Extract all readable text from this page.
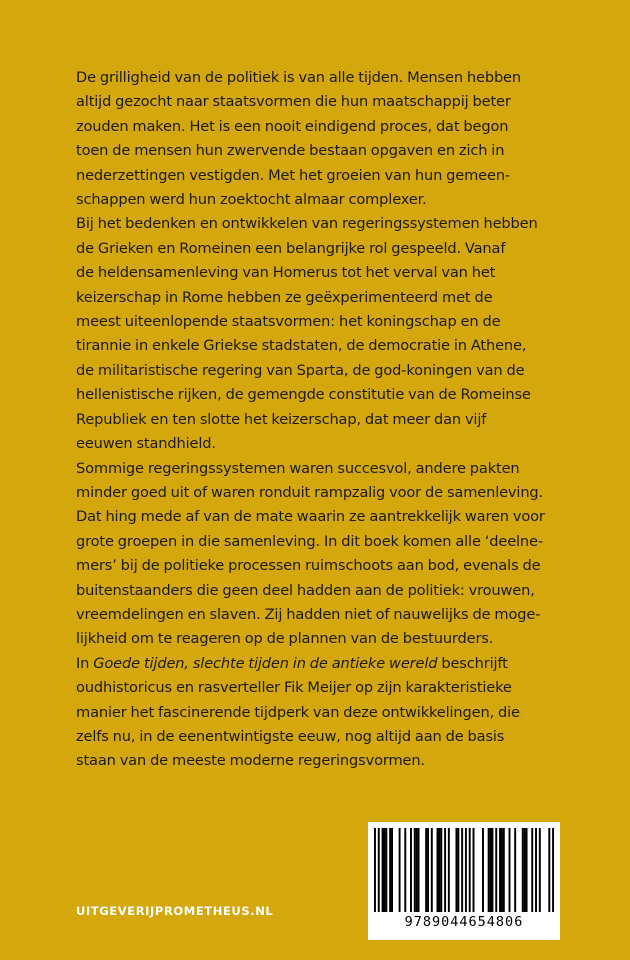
De grilligheid van de politiek is van alle tijden. Mensen hebben
altijd gezocht naar staatsvormen die hun maatschappij beter
zouden maken. Het is een nooit eindigend proces, dat begon
toen de mensen hun zwervende bestaan opgaven en zich in
nederzettingen vestigden. Met het groeien van hun gemeen-
schappen werd hun zoektocht almaar complexer.
Bij het bedenken en ontwikkelen van regeringssystemen hebben
de Grieken en Romeinen een belangrijke rol gespeeld. Vanaf
de heldensamenleving van Homerus tot het verval van het
keizerschap in Rome hebben ze geëxperimenteerd met de
meest uiteenlopende staatsvormen: het koningschap en de
tirannie in enkele Griekse stadstaten, de democratie in Athene,
de militaristische regering van Sparta, de god-koningen van de
hellenistische rijken, de gemengde constitutie van de Romeinse
Republiek en ten slotte het keizerschap, dat meer dan vijf
eeuwen standhield.
Sommige regeringssystemen waren succesvol, andere pakten
minder goed uit of waren ronduit rampzalig voor de samenleving.
Dat hing mede af van de mate waarin ze aantrekkelijk waren voor
grote groepen in die samenleving. In dit boek komen alle ‘deelne-
mers’ bij de politieke processen ruimschoots aan bod, evenals de
buitenstaanders die geen deel hadden aan de politiek: vrouwen,
vreemdelingen en slaven. Zij hadden niet of nauwelijks de moge-
lijkheid om te reageren op de plannen van de bestuurders.
In Goede tijden, slechte tijden in de antieke wereld beschrijft
oudhistoricus en rasverteller Fik Meijer op zijn karakteristieke
manier het fascinerende tijdperk van deze ontwikkelingen, die
zelfs nu, in de eenentwintigste eeuw, nog altijd aan de basis
staan van de meeste moderne regeringsvormen.
9789044654806
UITGEVERIJPROMETHEUS.NL
